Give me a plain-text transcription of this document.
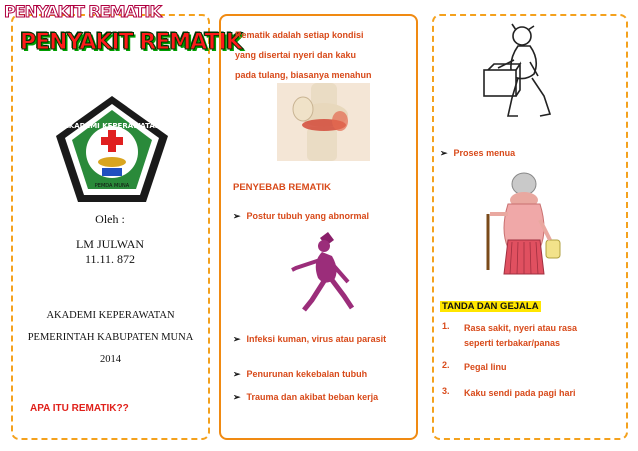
PENYAKIT REMATIK
PENYAKIT REMATIK
AKADEMI KEPERAWATAN
PEMDA MUNA
Oleh :
LM JULWAN
11.11. 872
AKADEMI KEPERAWATAN
PEMERINTAH KABUPATEN MUNA
2014
APA ITU REMATIK??
Rematik adalah setiap kondisi
yang disertai nyeri dan kaku
pada tulang, biasanya menahun
PENYEBAB REMATIK
➢ Postur tubuh yang abnormal
➢ Infeksi kuman, virus atau parasit
➢ Penurunan kekebalan tubuh
➢ Trauma dan akibat beban kerja
➢ Proses menua
TANDA DAN GEJALA
1. Rasa sakit, nyeri atau rasa seperti terbakar/panas
2. Pegal linu
3. Kaku sendi pada pagi hari
